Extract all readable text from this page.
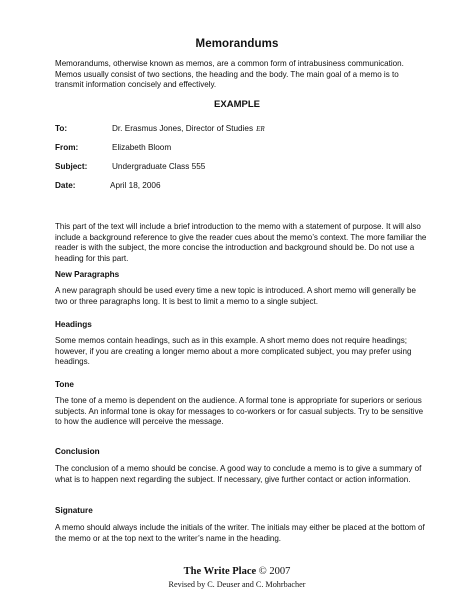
Memorandums
Memorandums, otherwise known as memos, are a common form of intrabusiness communication. Memos usually consist of two sections, the heading and the body. The main goal of a memo is to transmit information concisely and effectively.
EXAMPLE
To:	Dr. Erasmus Jones, Director of Studies ER
From:	Elizabeth Bloom
Subject:	Undergraduate Class 555
Date:	April 18, 2006
This part of the text will include a brief introduction to the memo with a statement of purpose. It will also include a background reference to give the reader cues about the memo’s context. The more familiar the reader is with the subject, the more concise the introduction and background should be. Do not use a heading for this part.
New Paragraphs
A new paragraph should be used every time a new topic is introduced. A short memo will generally be two or three paragraphs long. It is best to limit a memo to a single subject.
Headings
Some memos contain headings, such as in this example. A short memo does not require headings; however, if you are creating a longer memo about a more complicated subject, you may prefer using headings.
Tone
The tone of a memo is dependent on the audience. A formal tone is appropriate for superiors or serious subjects. An informal tone is okay for messages to co-workers or for casual subjects. Try to be sensitive to how the audience will perceive the message.
Conclusion
The conclusion of a memo should be concise. A good way to conclude a memo is to give a summary of what is to happen next regarding the subject. If necessary, give further contact or action information.
Signature
A memo should always include the initials of the writer. The initials may either be placed at the bottom of the memo or at the top next to the writer’s name in the heading.
The Write Place © 2007
Revised by C. Deuser and C. Mohrbacher
